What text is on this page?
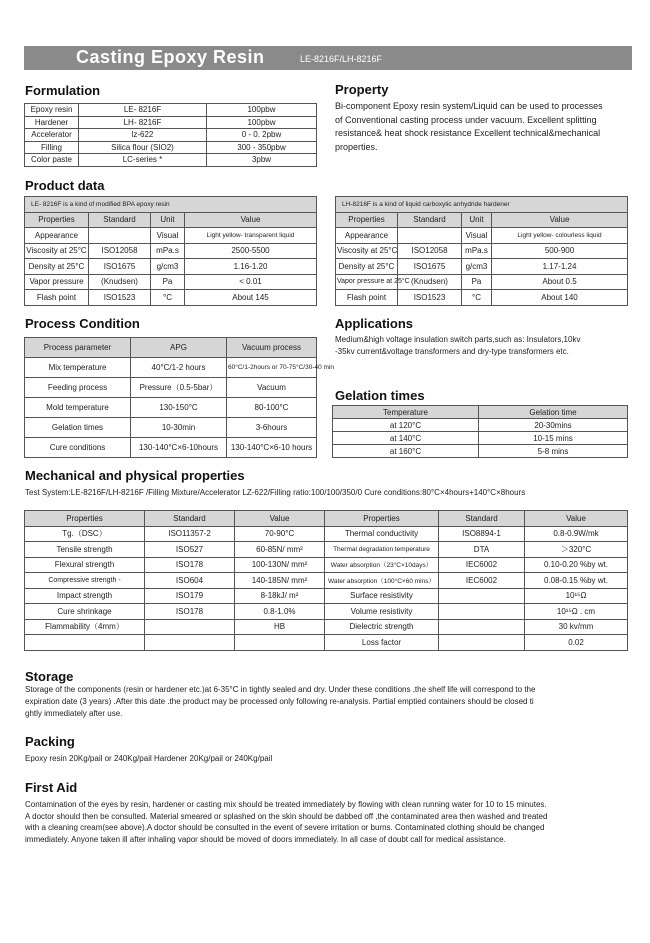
Casting Epoxy Resin	LE-8216F/LH-8216F
Formulation
Epoxy resin	LE- 8216F	100pbw
Hardener	LH- 8216F	100pbw
Accelerator	lz-622	0 - 0. 2pbw
Filling	Silica flour (SIO2)	300 - 350pbw
Color paste	LC-series *	3pbw
Property
Bi-component Epoxy resin system/Liquid can be used to processes
of Conventional casting process under vacuum. Excellent splitting
resistance& heat shock resistance Excellent technical&mechanical
properties.
Product data
LE- 8216F is a kind of modified BPA epoxy resin			
Properties	Standard	Unit	Value
Appearance		Visual	Light yellow- transparent liquid
Viscosity at 25°C	ISO12058	mPa.s	2500-5500
Density at 25°C	ISO1675	g/cm3	1.16-1.20
Vapor pressure	(Knudsen)	Pa	< 0.01
Flash point	ISO1523	°C	About 145
LH-8216F is a kind of liquid carboxylic anhydride hardener			
Properties	Standard	Unit	Value
Appearance		Visual	Light yellow- colourless liquid
Viscosity at 25°C	ISO12058	mPa.s	500-900
Density at 25°C	ISO1675	g/cm3	1.17-1.24
Vapor pressure at 25°C	(Knudsen)	Pa	About 0.5
Flash point	ISO1523	°C	About 140
Process Condition
Process parameter	APG	Vacuum process
Mix temperature	40°C/1-2 hours	60°C/1-2hours or 70-75°C/30-40 min
Feeding process	Pressure（0.5-5bar）	Vacuum
Mold temperature	130-150°C	80-100°C
Gelation times	10-30min	3-6hours
Cure conditions	130-140°C×6-10hours	130-140°C×6-10 hours
Applications
Medium&high voltage insulation switch parts,such as: Insulators,10kv
-35kv current&voltage transformers and dry-type transformers etc.
Gelation times
Temperature	Gelation time
at 120°C	20-30mins
at 140°C	10-15 mins
at 160°C	5-8 mins
Mechanical and physical properties
Test System:LE-8216F/LH-8216F /Filling Mixture/Accelerator LZ-622/Filling ratio:100/100/350/0 Cure conditions:80°C×4hours+140°C×8hours
Properties	Standard	Value	Properties	Standard	Value
Tg.（DSC）	ISO11357-2	70-90°C	Thermal conductivity	ISO8894-1	0.8-0.9W/mk
Tensile strength	ISO527	60-85N/ mm²	Thermal degradation temperature	DTA	＞320°C
Flexural strength	ISO178	100-130N/ mm²	Water absorption（23°C×10days）	IEC6002	0.10-0.20 %by wt.
Compressive strength -	ISO604	140-185N/ mm²	Water absorption（100°C×60 mins）	IEC6002	0.08-0.15 %by wt.
Impact strength	ISO179	8-18kJ/ m²	Surface resistivity		10¹⁵Ω
Cure shrinkage	ISO178	0.8-1.0%	Volume resistivity		10¹⁵Ω . cm
Flammability（4mm）		HB	Dielectric strength		30 kv/mm
			Loss factor		0.02
Storage
Storage of the components (resin or hardener etc.)at 6-35°C in tightly sealed and dry. Under these conditions ,the shelf life will correspond to the
expiration date (3 years) .After this date .the product may be processed only following re-analysis. Partial emptied containers should be closed ti
ghtly immediately after use.
Packing
Epoxy resin 20Kg/pail or 240Kg/pail Hardener 20Kg/pail or 240Kg/pail
First Aid
Contamination of the eyes by resin, hardener or casting mix should be treated immediately by flowing with clean running water for 10 to 15 minutes.
A doctor should then be consulted. Material smeared or splashed on the skin should be dabbed off ,the contaminated area then washed and treated
with a cleaning cream(see above).A doctor should be consulted in the event of severe irritation or burns. Contaminated clothing should be changed
immediately. Anyone taken ill after inhaling vapor should be moved of doors immediately. In all case of doubt call for medical assistance.
